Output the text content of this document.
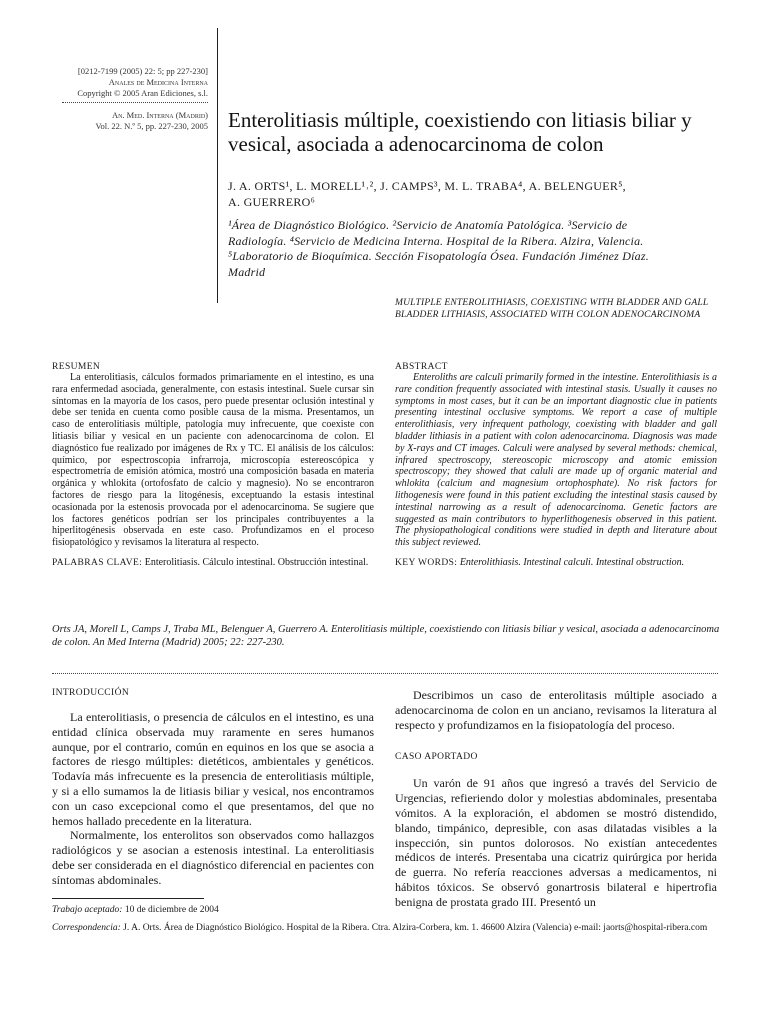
[0212-7199 (2005) 22: 5; pp 227-230]
Anales de Medicina Interna
Copyright © 2005 Aran Ediciones, s.l.
An. Med. Interna (Madrid)
Vol. 22. N.º 5, pp. 227-230, 2005 Enterolitiasis múltiple, coexistiendo con litiasis biliar y vesical, asociada a adenocarcinoma de colon
J. A. ORTS¹, L. MORELL¹˒², J. CAMPS³, M. L. TRABA⁴, A. BELENGUER⁵,
A. GUERRERO⁶
¹Área de Diagnóstico Biológico. ²Servicio de Anatomía Patológica. ³Servicio de Radiología. ⁴Servicio de Medicina Interna. Hospital de la Ribera. Alzira, Valencia. ⁵Laboratorio de Bioquímica. Sección Fisopatología Ósea. Fundación Jiménez Díaz. Madrid
MULTIPLE ENTEROLITHIASIS, COEXISTING WITH BLADDER AND GALL BLADDER LITHIASIS, ASSOCIATED WITH COLON ADENOCARCINOMA
RESUMEN

La enterolitiasis, cálculos formados primariamente en el intestino, es una rara enfermedad asociada, generalmente, con estasis intestinal. Suele cursar sin síntomas en la mayoría de los casos, pero puede presentar oclusión intestinal y debe ser tenida en cuenta como posible causa de la misma. Presentamos, un caso de enterolitiasis múltiple, patología muy infrecuente, que coexiste con litiasis biliar y vesical en un paciente con adenocarcinoma de colon. El diagnóstico fue realizado por imágenes de Rx y TC. El análisis de los cálculos: químico, por espectroscopia infrarroja, microscopía estereoscópica y espectrometría de emisión atómica, mostró una composición basada en materia orgánica y whlokita (ortofosfato de calcio y magnesio). No se encontraron factores de riesgo para la litogénesis, exceptuando la estasis intestinal ocasionada por la estenosis provocada por el adenocarcinoma. Se sugiere que los factores genéticos podrían ser los principales contribuyentes a la hiperlitogénesis observada en este caso. Profundizamos en el proceso fisiopatológico y revisamos la literatura al respecto.

PALABRAS CLAVE: Enterolitiasis. Cálculo intestinal. Obstrucción intestinal.

ABSTRACT

Enteroliths are calculi primarily formed in the intestine. Enterolithiasis is a rare condition frequently associated with intestinal stasis. Usually it causes no symptoms in most cases, but it can be an important diagnostic clue in patients presenting intestinal occlusive symptoms. We report a case of multiple enterolithiasis, very infrequent pathology, coexisting with bladder and gall bladder lithiasis in a patient with colon adenocarcinoma. Diagnosis was made by X-rays and CT images. Calculi were analysed by several methods: chemical, infrared spectroscopy, stereoscopic microscopy and atomic emission spectroscopy; they showed that caluli are made up of organic material and whlokita (calcium and magnesium ortophosphate). No risk factors for lithogenesis were found in this patient excluding the intestinal stasis caused by intestinal narrowing as a result of adenocarcinoma. Genetic factors are suggested as main contributors to hyperlithogenesis observed in this patient. The physiopathological conditions were studied in depth and literature about this subject reviewed.

KEY WORDS: Enterolithiasis. Intestinal calculi. Intestinal obstruction.

Orts JA, Morell L, Camps J, Traba ML, Belenguer A, Guerrero A. Enterolitiasis múltiple, coexistiendo con litiasis biliar y vesical, asociada a adenocarcinoma de colon. An Med Interna (Madrid) 2005; 22: 227-230.
INTRODUCCIÓN

La enterolitiasis, o presencia de cálculos en el intestino, es una entidad clínica observada muy raramente en seres humanos aunque, por el contrario, común en equinos en los que se asocia a factores de riesgo múltiples: dietéticos, ambientales y genéticos. Todavía más infrecuente es la presencia de enterolitiasis múltiple, y si a ello sumamos la de litiasis biliar y vesical, nos encontramos con un caso excepcional como el que presentamos, del que no hemos hallado precedente en la literatura.

Normalmente, los enterolitos son observados como hallazgos radiológicos y se asocian a estenosis intestinal. La enterolitiasis debe ser considerada en el diagnóstico diferencial en pacientes con síntomas abdominales.

Describimos un caso de enterolitasis múltiple asociado a adenocarcinoma de colon en un anciano, revisamos la literatura al respecto y profundizamos en la fisiopatología del proceso.

CASO APORTADO

Un varón de 91 años que ingresó a través del Servicio de Urgencias, refieriendo dolor y molestias abdominales, presentaba vómitos. A la exploración, el abdomen se mostró distendido, blando, timpánico, depresible, con asas dilatadas visibles a la inspección, sin puntos dolorosos. No existían antecedentes médicos de interés. Presentaba una cicatriz quirúrgica por herida de guerra. No refería reacciones adversas a medicamentos, ni hábitos tóxicos. Se observó gonartrosis bilateral e hipertrofia benigna de prostata grado III. Presentó un

Trabajo aceptado: 10 de diciembre de 2004
Correspondencia: J. A. Orts. Área de Diagnóstico Biológico. Hospital de la Ribera. Ctra. Alzira-Corbera, km. 1. 46600 Alzira (Valencia) e-mail: jaorts@hospital-ribera.com
